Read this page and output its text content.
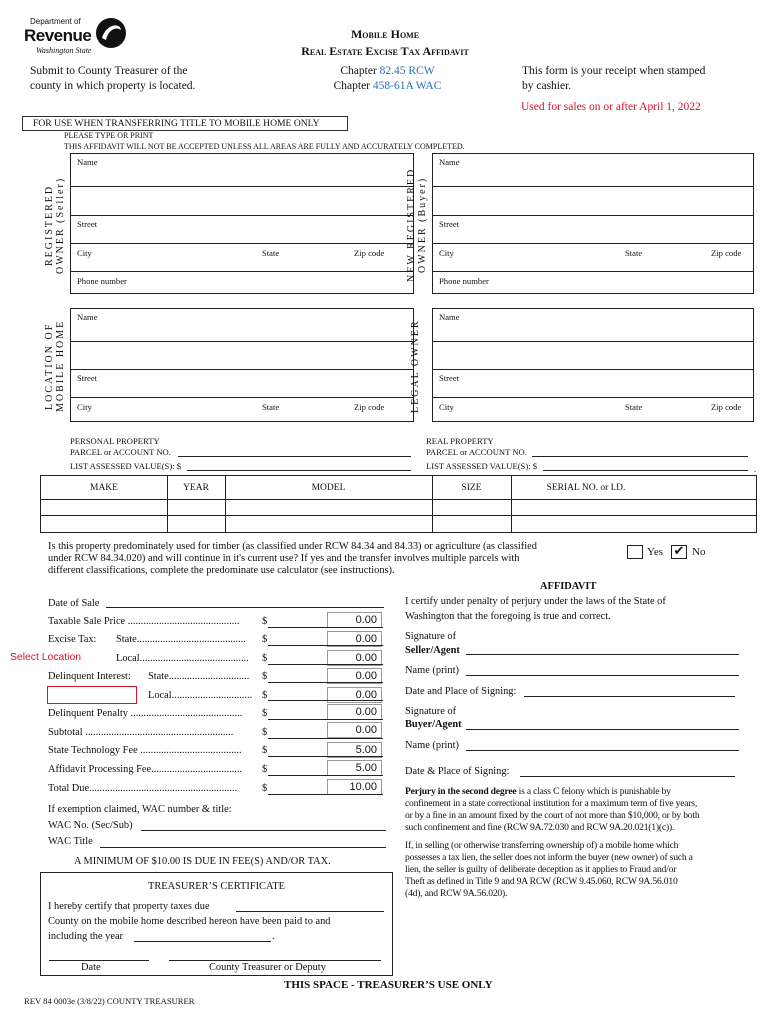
Department of
Revenue
Washington State
Mobile Home
Real Estate Excise Tax Affidavit
Submit to County Treasurer of the
county in which property is located.
Chapter 82.45 RCW
Chapter 458-61A WAC
This form is your receipt when stamped
by cashier.
Used for sales on or after April 1, 2022
FOR USE WHEN TRANSFERRING TITLE TO MOBILE HOME ONLY
PLEASE TYPE OR PRINT
THIS AFFIDAVIT WILL NOT BE ACCEPTED UNLESS ALL AREAS ARE FULLY AND ACCURATELY COMPLETED.
REGISTERED
OWNER (Seller)
Name
Street
City	State	Zip code
Phone number	NEW REGISTERED
OWNER (Buyer)
Name
Street
City	State	Zip code
Phone number
LOCATION OF
MOBILE HOME
Name
Street
City	State	Zip code	LEGAL OWNER
Name
Street
City	State	Zip code
PERSONAL PROPERTY
PARCEL or ACCOUNT NO.
LIST ASSESSED VALUE(S): $
REAL PROPERTY
PARCEL or ACCOUNT NO.
LIST ASSESSED VALUE(S): $	.
MAKE	YEAR	MODEL	SIZE	SERIAL NO. or I.D.
Is this property predominately used for timber (as classified under RCW 84.34 and 84.33) or agriculture (as classified
under RCW 84.34.020) and will continue in it's current use? If yes and the transfer involves multiple parcels with
different classifications, complete the predominate use calculator (see instructions).
Yes ✔ No
Date of Sale
Taxable Sale Price ........................................... $	0.00
Excise Tax: State.......................................... $	0.00
Select Location	Local.......................................... $	0.00
Delinquent Interest: State............................... $	0.00
Local............................... $	0.00
Delinquent Penalty ........................................... $	0.00
Subtotal .........................................................	$	0.00
State Technology Fee ....................................... $	5.00
Affidavit Processing Fee................................... $	5.00
Total Due......................................................... $	10.00
If exemption claimed, WAC number & title:
WAC No. (Sec/Sub)
WAC Title
A MINIMUM OF $10.00 IS DUE IN FEE(S) AND/OR TAX.
TREASURER’S CERTIFICATE
I hereby certify that property taxes due
County on the mobile home described hereon have been paid to and
including the year	.
Date	County Treasurer or Deputy
AFFIDAVIT
I certify under penalty of perjury under the laws of the State of
Washington that the foregoing is true and correct.
Signature of
Seller/Agent
Name (print)
Date and Place of Signing:
Signature of
Buyer/Agent
Name (print)
Date & Place of Signing:
Perjury in the second degree is a class C felony which is punishable by
confinement in a state correctional institution for a maximum term of five years,
or by a fine in an amount fixed by the court of not more than $10,000, or by both
such confinement and fine (RCW 9A.72.030 and RCW 9A.20.021(1)(c)).
If, in selling (or otherwise transferring ownership of) a mobile home which
possesses a tax lien, the seller does not inform the buyer (new owner) of such a
lien, the seller is guilty of deliberate deception as it applies to Fraud and/or
Theft as defined in Title 9 and 9A RCW (RCW 9.45.060, RCW 9A.56.010
(4d), and RCW 9A.56.020).
THIS SPACE - TREASURER’S USE ONLY
REV 84 0003e (3/8/22) COUNTY TREASURER
